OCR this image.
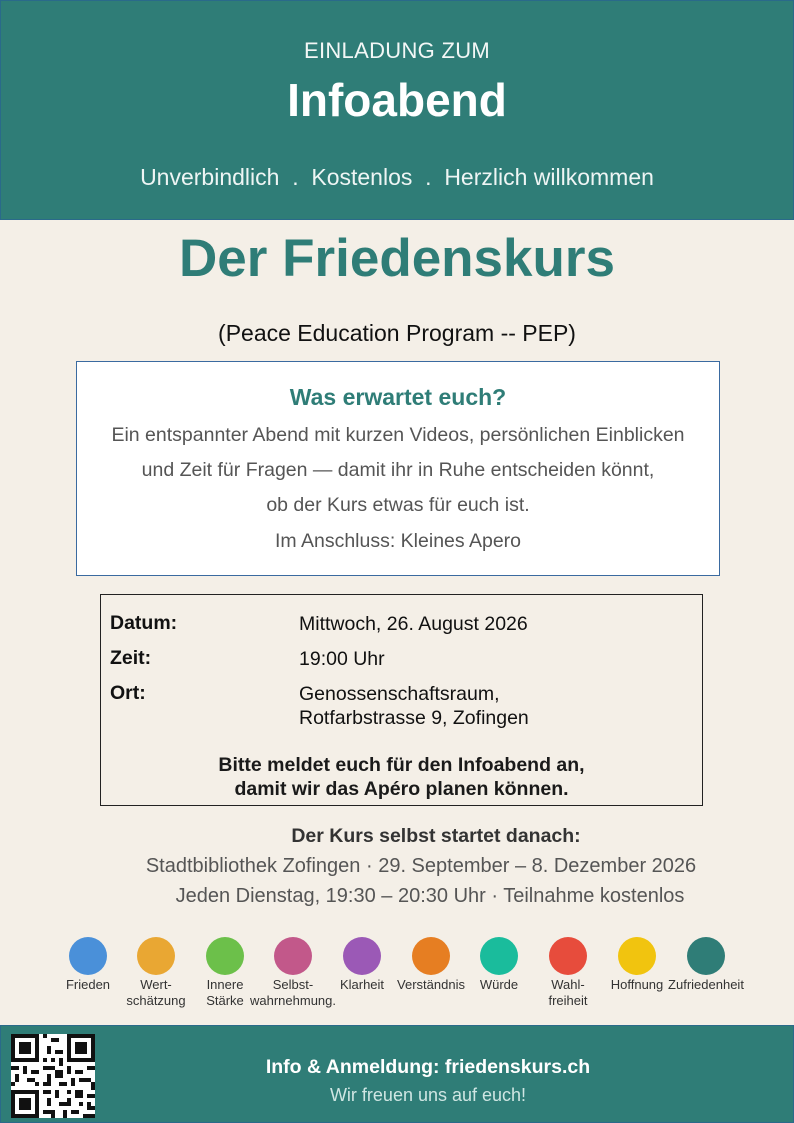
EINLADUNG ZUM
Infoabend
Unverbindlich  .  Kostenlos  .  Herzlich willkommen
Der Friedenskurs
(Peace Education Program -- PEP)
Was erwartet euch?
Ein entspannter Abend mit kurzen Videos, persönlichen Einblicken
und Zeit für Fragen — damit ihr in Ruhe entscheiden könnt,
ob der Kurs etwas für euch ist.
Im Anschluss: Kleines Apero
Datum:	Mittwoch, 26. August 2026
Zeit:	19:00 Uhr
Ort:	Genossenschaftsraum,
Rotfarbstrasse 9, Zofingen
Bitte meldet euch für den Infoabend an,
damit wir das Apéro planen können.
Der Kurs selbst startet danach:
Stadtbibliothek Zofingen · 29. September – 8. Dezember 2026
Jeden Dienstag, 19:30 – 20:30 Uhr · Teilnahme kostenlos
Frieden	Wert-
schätzung
Innere
Stärke
Selbst-
wahrnehmung.
Klarheit	Verständnis	Würde	Wahl-
freiheit
Hoffnung Zufriedenheit
Info & Anmeldung: friedenskurs.ch
Wir freuen uns auf euch!
